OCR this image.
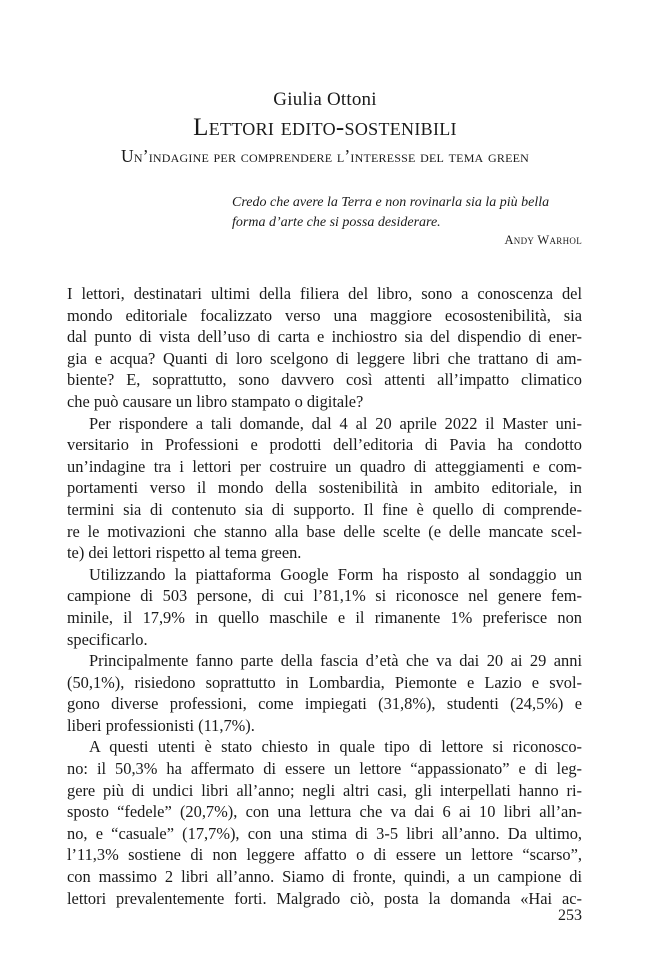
Giulia Ottoni
Lettori edito-sostenibili
Un’indagine per comprendere l’interesse del tema green
Credo che avere la Terra e non rovinarla sia la più bella
forma d’arte che si possa desiderare.
Andy Warhol
I lettori, destinatari ultimi della filiera del libro, sono a conoscenza del
mondo editoriale focalizzato verso una maggiore ecosostenibilità, sia
dal punto di vista dell’uso di carta e inchiostro sia del dispendio di ener-
gia e acqua? Quanti di loro scelgono di leggere libri che trattano di am-
biente? E, soprattutto, sono davvero così attenti all’impatto climatico
che può causare un libro stampato o digitale?
Per rispondere a tali domande, dal 4 al 20 aprile 2022 il Master uni-
versitario in Professioni e prodotti dell’editoria di Pavia ha condotto
un’indagine tra i lettori per costruire un quadro di atteggiamenti e com-
portamenti verso il mondo della sostenibilità in ambito editoriale, in
termini sia di contenuto sia di supporto. Il fine è quello di comprende-
re le motivazioni che stanno alla base delle scelte (e delle mancate scel-
te) dei lettori rispetto al tema green.
Utilizzando la piattaforma Google Form ha risposto al sondaggio un
campione di 503 persone, di cui l’81,1% si riconosce nel genere fem-
minile, il 17,9% in quello maschile e il rimanente 1% preferisce non
specificarlo.
Principalmente fanno parte della fascia d’età che va dai 20 ai 29 anni
(50,1%), risiedono soprattutto in Lombardia, Piemonte e Lazio e svol-
gono diverse professioni, come impiegati (31,8%), studenti (24,5%) e
liberi professionisti (11,7%).
A questi utenti è stato chiesto in quale tipo di lettore si riconosco-
no: il 50,3% ha affermato di essere un lettore “appassionato” e di leg-
gere più di undici libri all’anno; negli altri casi, gli interpellati hanno ri-
sposto “fedele” (20,7%), con una lettura che va dai 6 ai 10 libri all’an-
no, e “casuale” (17,7%), con una stima di 3-5 libri all’anno. Da ultimo,
l’11,3% sostiene di non leggere affatto o di essere un lettore “scarso”,
con massimo 2 libri all’anno. Siamo di fronte, quindi, a un campione di
lettori prevalentemente forti. Malgrado ciò, posta la domanda «Hai ac-
253
